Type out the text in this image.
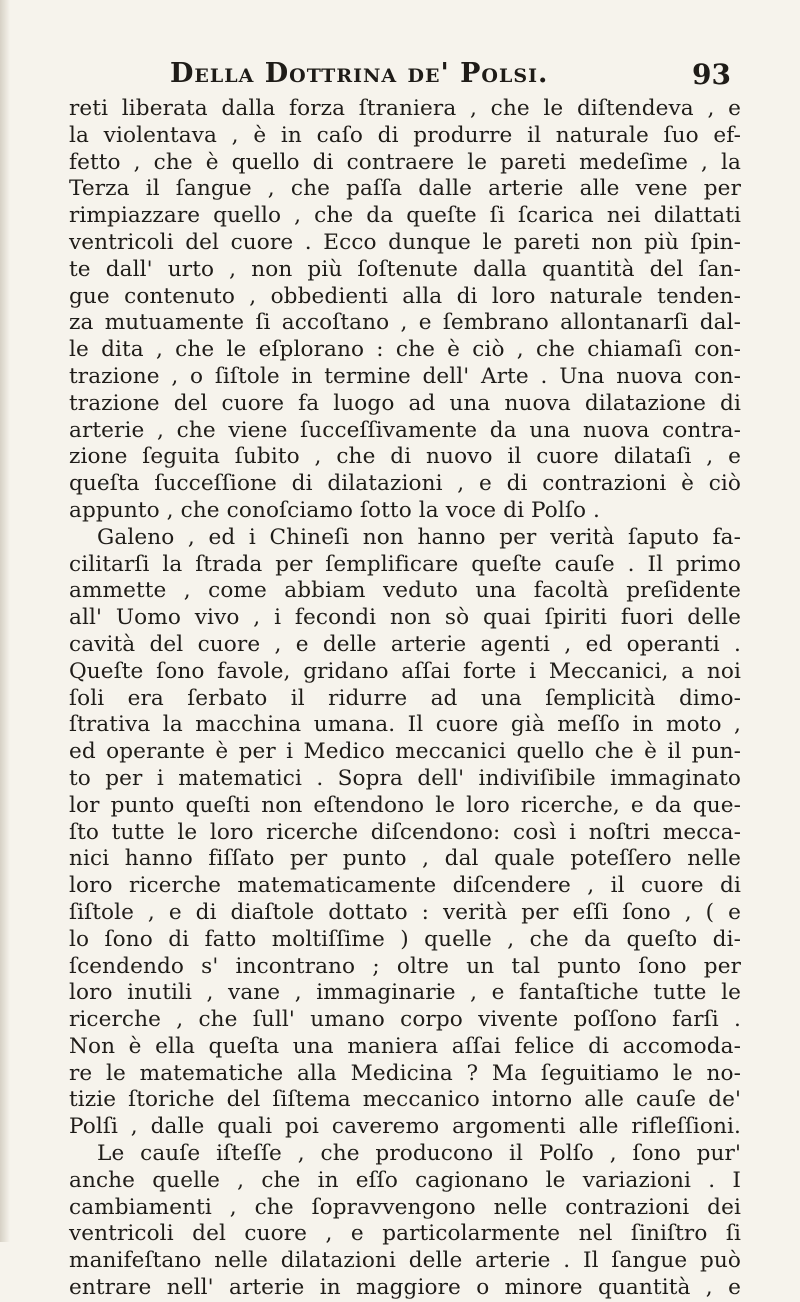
Della Dottrina de' Polsi.	93
reti liberata dalla forza ſtraniera , che le diſtendeva , e
la violentava , è in caſo di produrre il naturale ſuo ef-
fetto , che è quello di contraere le pareti medeſime , la
Terza il ſangue , che paſſa dalle arterie alle vene per
rimpiazzare quello , che da queſte ſi ſcarica nei dilattati
ventricoli del cuore . Ecco dunque le pareti non più ſpin-
te dall' urto , non più ſoſtenute dalla quantità del ſan-
gue contenuto , obbedienti alla di loro naturale tenden-
za mutuamente ſi accoſtano , e ſembrano allontanarſi dal-
le dita , che le eſplorano : che è ciò , che chiamaſi con-
trazione , o ſiſtole in termine dell' Arte . Una nuova con-
trazione del cuore fa luogo ad una nuova dilatazione di
arterie , che viene ſucceſſivamente da una nuova contra-
zione ſeguita ſubito , che di nuovo il cuore dilataſi , e
queſta ſucceſſione di dilatazioni , e di contrazioni è ciò
appunto , che conoſciamo ſotto la voce di Polſo .
Galeno , ed i Chineſi non hanno per verità ſaputo fa-
cilitarſi la ſtrada per ſemplificare queſte cauſe . Il primo
ammette , come abbiam veduto una facoltà preſidente
all' Uomo vivo , i fecondi non sò quai ſpiriti fuori delle
cavità del cuore , e delle arterie agenti , ed operanti .
Queſte ſono favole, gridano aſſai forte i Meccanici, a noi
ſoli era ſerbato il ridurre ad una ſemplicità dimo-
ſtrativa la macchina umana. Il cuore già meſſo in moto ,
ed operante è per i Medico meccanici quello che è il pun-
to per i matematici . Sopra dell' indiviſibile immaginato
lor punto queſti non eſtendono le loro ricerche, e da que-
ſto tutte le loro ricerche diſcendono: così i noſtri mecca-
nici hanno fiſſato per punto , dal quale poteſſero nelle
loro ricerche matematicamente diſcendere , il cuore di
ſiſtole , e di diaſtole dottato : verità per eſſi ſono , ( e
lo ſono di fatto moltiſſime ) quelle , che da queſto di-
ſcendendo s' incontrano ; oltre un tal punto ſono per
loro inutili , vane , immaginarie , e fantaſtiche tutte le
ricerche , che ſull' umano corpo vivente poſſono farſi .
Non è ella queſta una maniera aſſai felice di accomoda-
re le matematiche alla Medicina ? Ma ſeguitiamo le no-
tizie ſtoriche del ſiſtema meccanico intorno alle cauſe de'
Polſi , dalle quali poi caveremo argomenti alle rifleſſioni.
Le cauſe iſteſſe , che producono il Polſo , ſono pur'
anche quelle , che in eſſo cagionano le variazioni . I
cambiamenti , che ſopravvengono nelle contrazioni dei
ventricoli del cuore , e particolarmente nel ſiniſtro ſi
manifeſtano nelle dilatazioni delle arterie . Il ſangue può
entrare nell' arterie in maggiore o minore quantità , e
